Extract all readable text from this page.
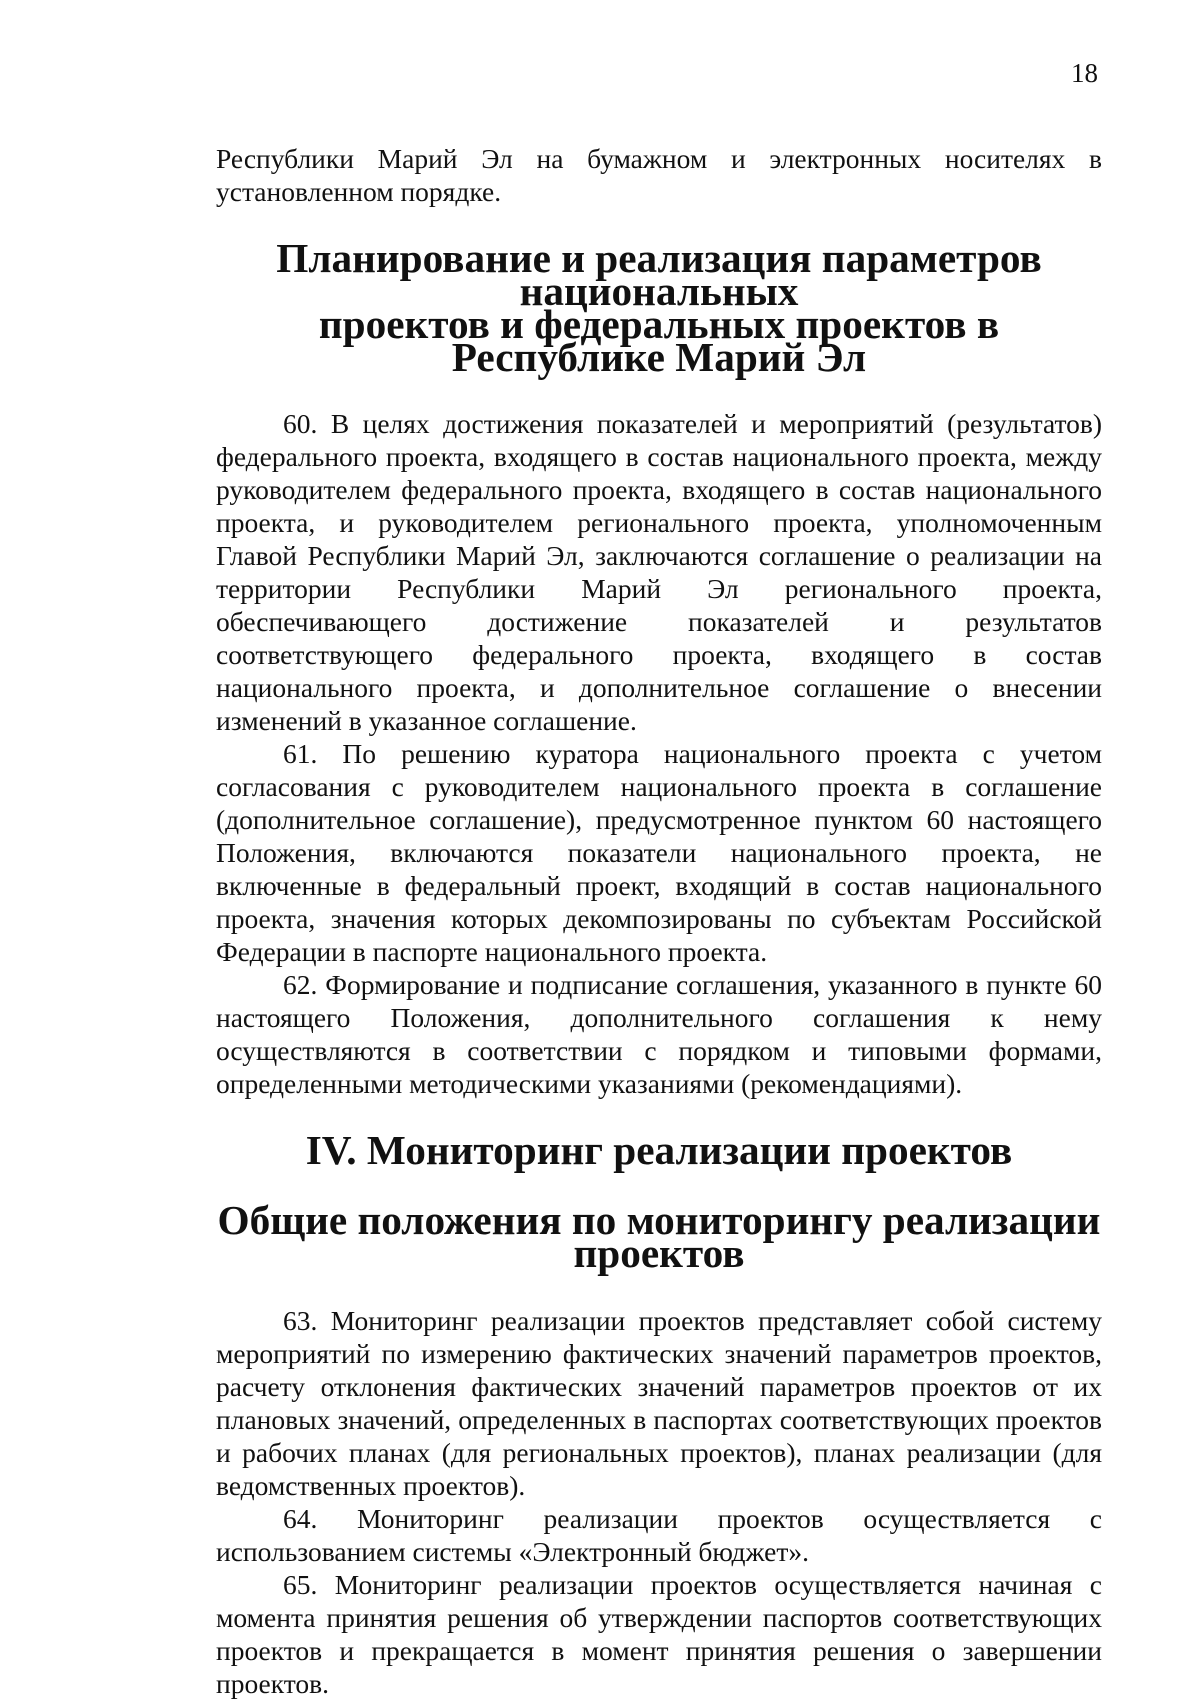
18

Республики Марий Эл на бумажном и электронных носителях в установленном порядке.

Планирование и реализация параметров национальных
проектов и федеральных проектов в Республике Марий Эл

60. В целях достижения показателей и мероприятий (результатов) федерального проекта, входящего в состав национального проекта, между руководителем федерального проекта, входящего в состав национального проекта, и руководителем регионального проекта, уполномоченным Главой Республики Марий Эл, заключаются соглашение о реализации на территории Республики Марий Эл регионального проекта, обеспечивающего достижение показателей и результатов соответствующего федерального проекта, входящего в состав национального проекта, и дополнительное соглашение о внесении изменений в указанное соглашение.

61. По решению куратора национального проекта с учетом согласования с руководителем национального проекта в соглашение (дополнительное соглашение), предусмотренное пунктом 60 настоящего Положения, включаются показатели национального проекта, не включенные в федеральный проект, входящий в состав национального проекта, значения которых декомпозированы по субъектам Российской Федерации в паспорте национального проекта.

62. Формирование и подписание соглашения, указанного в пункте 60 настоящего Положения, дополнительного соглашения к нему осуществляются в соответствии с порядком и типовыми формами, определенными методическими указаниями (рекомендациями).

IV. Мониторинг реализации проектов
Общие положения по мониторингу реализации проектов

63. Мониторинг реализации проектов представляет собой систему мероприятий по измерению фактических значений параметров проектов, расчету отклонения фактических значений параметров проектов от их плановых значений, определенных в паспортах соответствующих проектов и рабочих планах (для региональных проектов), планах реализации (для ведомственных проектов).

64. Мониторинг реализации проектов осуществляется с использованием системы «Электронный бюджет».

65. Мониторинг реализации проектов осуществляется начиная с момента принятия решения об утверждении паспортов соответствующих проектов и прекращается в момент принятия решения о завершении проектов.
